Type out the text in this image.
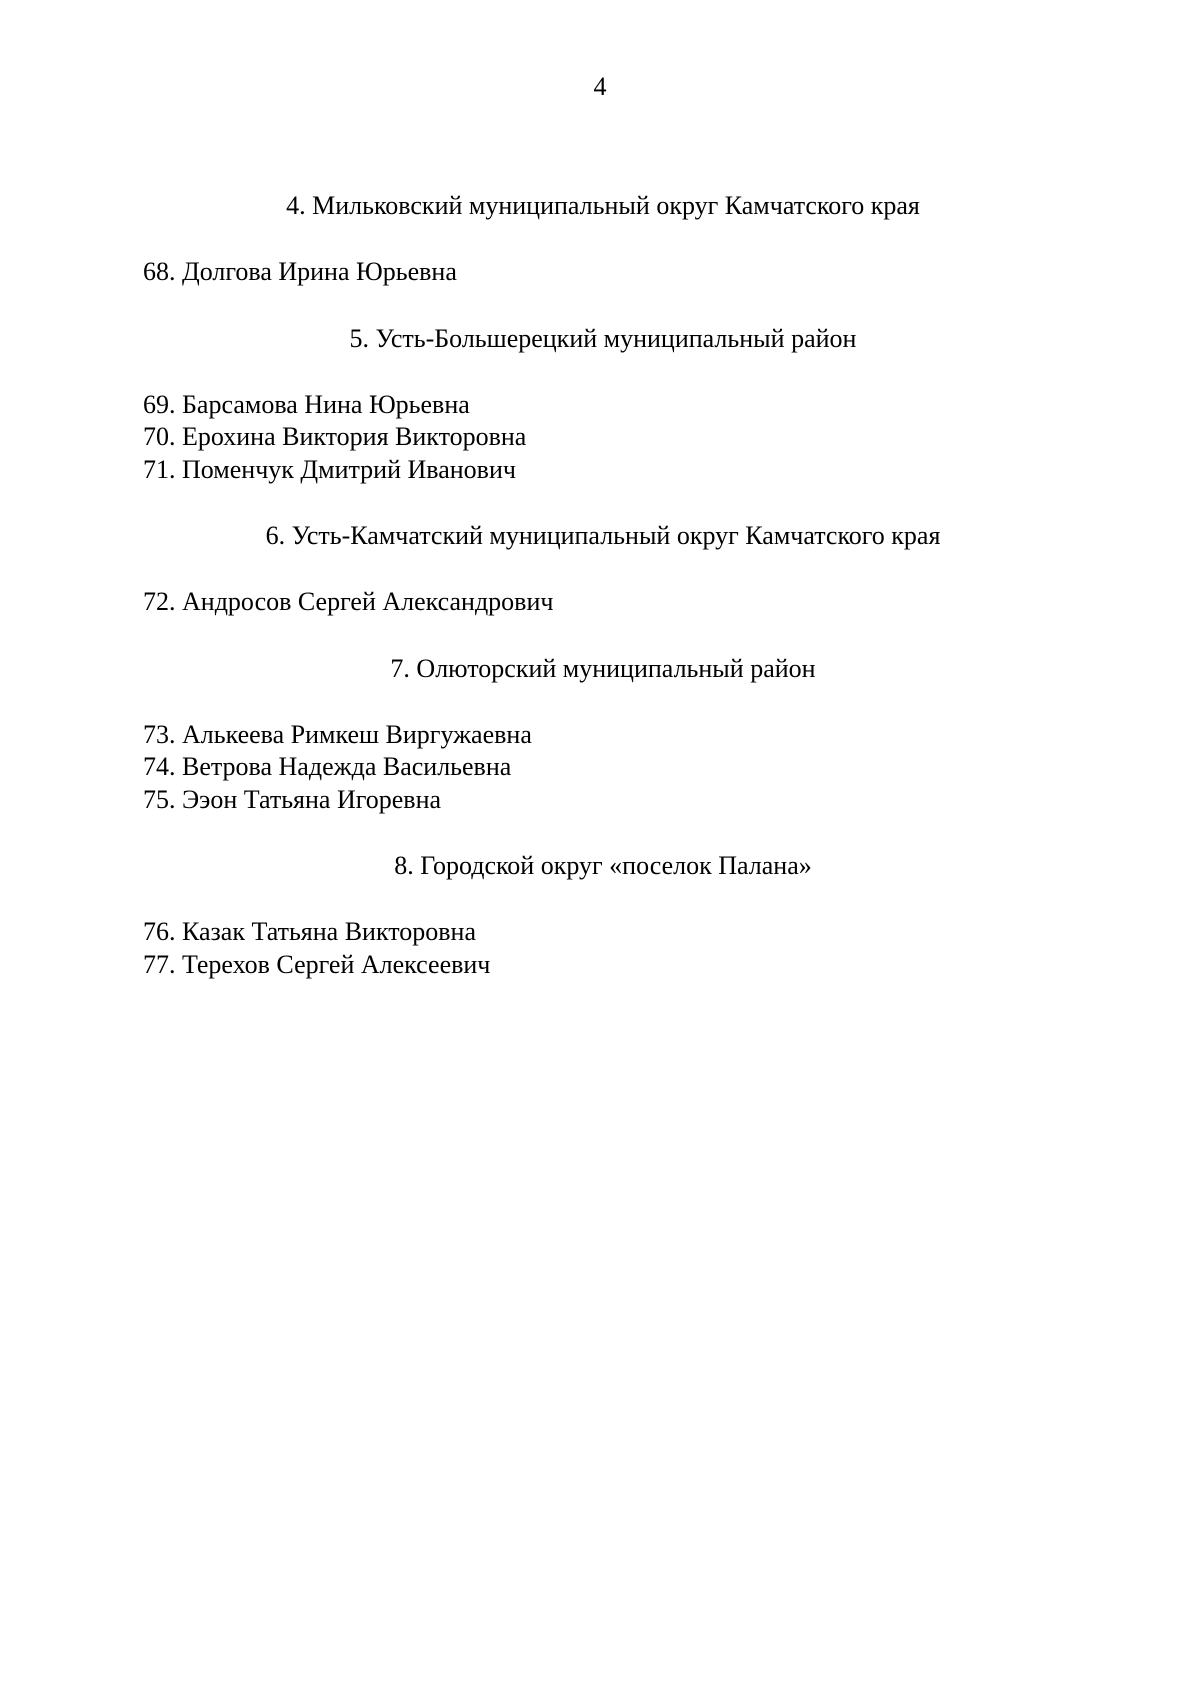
4
4. Мильковский муниципальный округ Камчатского края
68. Долгова Ирина Юрьевна
5. Усть-Большерецкий муниципальный район
69. Барсамова Нина Юрьевна
70. Ерохина Виктория Викторовна
71. Поменчук Дмитрий Иванович
6. Усть-Камчатский муниципальный округ Камчатского края
72. Андросов Сергей Александрович
7. Олюторский муниципальный район
73. Алькеева Римкеш Виргужаевна
74. Ветрова Надежда Васильевна
75. Ээон Татьяна Игоревна
8. Городской округ «поселок Палана»
76. Казак Татьяна Викторовна
77. Терехов Сергей Алексеевич
